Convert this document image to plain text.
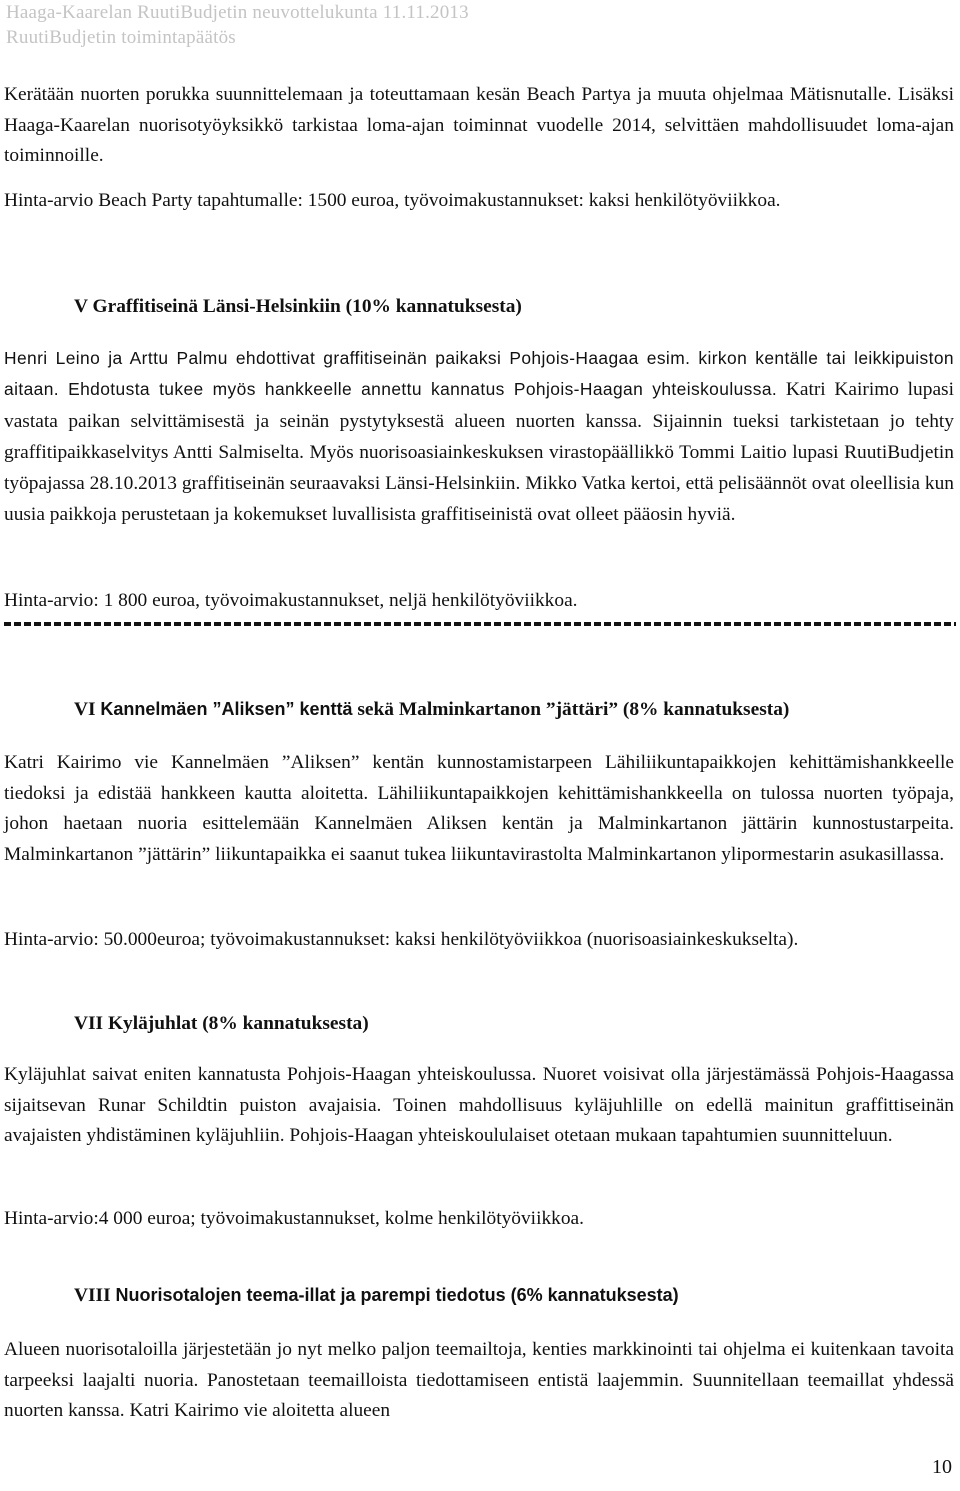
Haaga-Kaarelan RuutiBudjetin neuvottelukunta 11.11.2013
RuutiBudjetin toimintapäätös
Kerätään nuorten porukka suunnittelemaan ja toteuttamaan kesän Beach Partya ja muuta ohjelmaa Mätisnutalle. Lisäksi Haaga-Kaarelan nuorisotyöyksikkö tarkistaa loma-ajan toiminnat vuodelle 2014, selvittäen mahdollisuudet loma-ajan toiminnoille.
Hinta-arvio Beach Party tapahtumalle: 1500 euroa, työvoimakustannukset: kaksi henkilötyöviikkoa.
V Graffitiseinä Länsi-Helsinkiin (10% kannatuksesta)
Henri Leino ja Arttu Palmu ehdottivat graffitiseinän paikaksi Pohjois-Haagaa esim. kirkon kentälle tai leikkipuiston aitaan. Ehdotusta tukee myös hankkeelle annettu kannatus Pohjois-Haagan yhteiskoulussa. Katri Kairimo lupasi vastata paikan selvittämisestä ja seinän pystytyksestä alueen nuorten kanssa. Sijainnin tueksi tarkistetaan jo tehty graffitipaikkaselvitys Antti Salmiselta. Myös nuorisoasiainkeskuksen virastopäällikkö Tommi Laitio lupasi RuutiBudjetin työpajassa 28.10.2013 graffitiseinän seuraavaksi Länsi-Helsinkiin. Mikko Vatka kertoi, että pelisäännöt ovat oleellisia kun uusia paikkoja perustetaan ja kokemukset luvallisista graffitiseinistä ovat olleet pääosin hyviä.
Hinta-arvio: 1 800 euroa, työvoimakustannukset, neljä henkilötyöviikkoa.
VI Kannelmäen ”Aliksen” kenttä sekä Malminkartanon ”jättäri” (8% kannatuksesta)
Katri Kairimo vie Kannelmäen ”Aliksen” kentän kunnostamistarpeen Lähiliikuntapaikkojen kehittämishankkeelle tiedoksi ja edistää hankkeen kautta aloitetta. Lähiliikuntapaikkojen kehittämishankkeella on tulossa nuorten työpaja, johon haetaan nuoria esittelemään Kannelmäen Aliksen kentän ja Malminkartanon jättärin kunnostustarpeita. Malminkartanon ”jättärin” liikuntapaikka ei saanut tukea liikuntavirastolta Malminkartanon ylipormestarin asukasillassa.
Hinta-arvio: 50.000euroa; työvoimakustannukset: kaksi henkilötyöviikkoa (nuorisoasiainkeskukselta).
VII Kyläjuhlat (8% kannatuksesta)
Kyläjuhlat saivat eniten kannatusta Pohjois-Haagan yhteiskoulussa. Nuoret voisivat olla järjestämässä Pohjois-Haagassa sijaitsevan Runar Schildtin puiston avajaisia. Toinen mahdollisuus kyläjuhlille on edellä mainitun graffittiseinän avajaisten yhdistäminen kyläjuhliin. Pohjois-Haagan yhteiskoululaiset otetaan mukaan tapahtumien suunnitteluun.
Hinta-arvio:4 000 euroa; työvoimakustannukset, kolme henkilötyöviikkoa.
VIII Nuorisotalojen teema-illat ja parempi tiedotus (6% kannatuksesta)
Alueen nuorisotaloilla järjestetään jo nyt melko paljon teemailtoja, kenties markkinointi tai ohjelma ei kuitenkaan tavoita tarpeeksi laajalti nuoria. Panostetaan teemailloista tiedottamiseen entistä laajemmin. Suunnitellaan teemaillat yhdessä nuorten kanssa. Katri Kairimo vie aloitetta alueen
10
